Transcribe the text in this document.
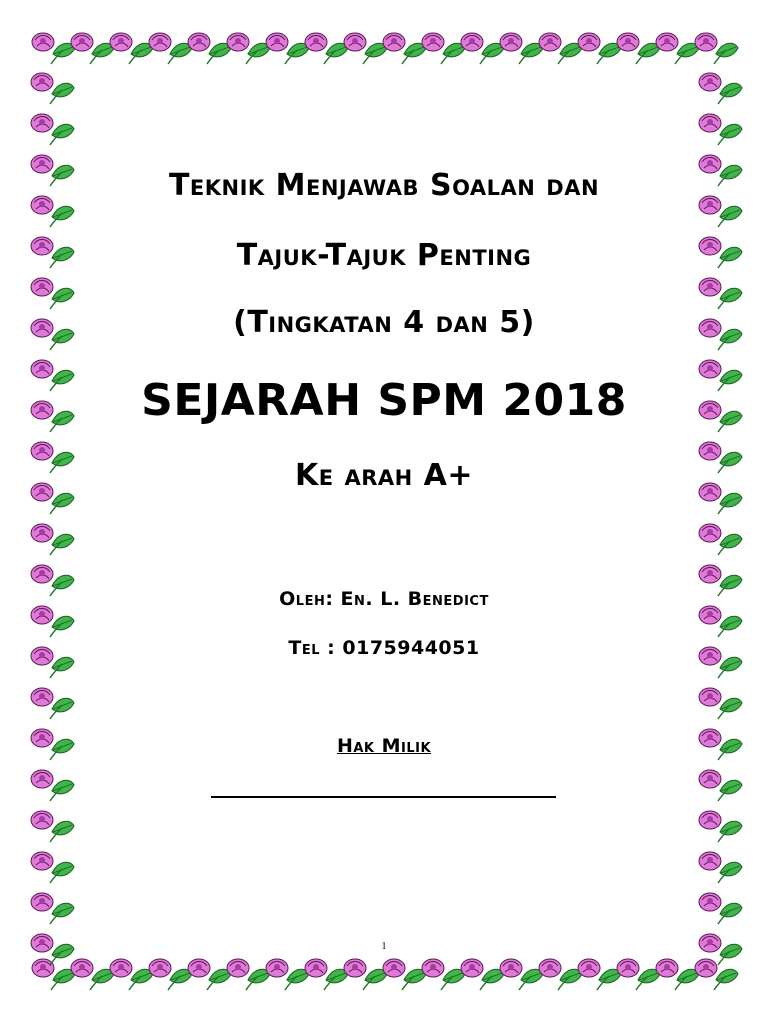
Teknik Menjawab Soalan dan
Tajuk-Tajuk Penting
(Tingkatan 4 dan 5)
SEJARAH SPM 2018
Ke arah A+
Oleh: En. L. Benedict
Tel : 0175944051
Hak Milik
1
